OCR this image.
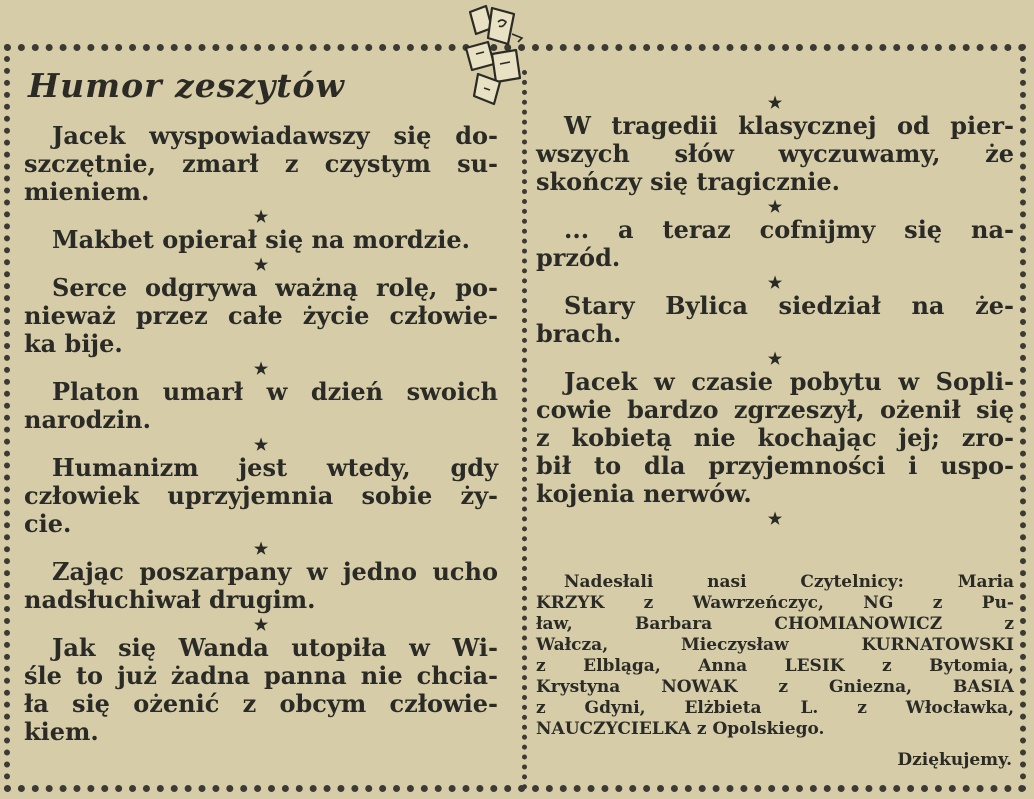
Humor zeszytów

Jacek wyspowiadawszy się do-
szczętnie, zmarł z czystym su-
mieniem.

★

Makbet opierał się na mordzie.

★

Serce odgrywa ważną rolę, po-
nieważ przez całe życie człowie-
ka bije.

★

Platon umarł w dzień swoich
narodzin.

★

Humanizm jest wtedy, gdy
człowiek uprzyjemnia sobie ży-
cie.

★

Zając poszarpany w jedno ucho
nadsłuchiwał drugim.

★

Jak się Wanda utopiła w Wi-
śle to już żadna panna nie chcia-
ła się ożenić z obcym człowie-
kiem.

★

W tragedii klasycznej od pier-
wszych słów wyczuwamy, że
skończy się tragicznie.

★

... a teraz cofnijmy się na-
przód.

★

Stary Bylica siedział na że-
brach.

★

Jacek w czasie pobytu w Sopli-
cowie bardzo zgrzeszył, ożenił się
z kobietą nie kochając jej; zro-
bił to dla przyjemności i uspo-
kojenia nerwów.

★
Nadesłali nasi Czytelnicy: Maria
KRZYK z Wawrzeńczyc, NG z Pu-
ław, Barbara CHOMIANOWICZ z
Wałcza, Mieczysław KURNATOWSKI
z Elbląga, Anna LESIK z Bytomia,
Krystyna NOWAK z Gniezna, BASIA
z Gdyni, Elżbieta L. z Włocławka,
NAUCZYCIELKA z Opolskiego.
Dziękujemy.
